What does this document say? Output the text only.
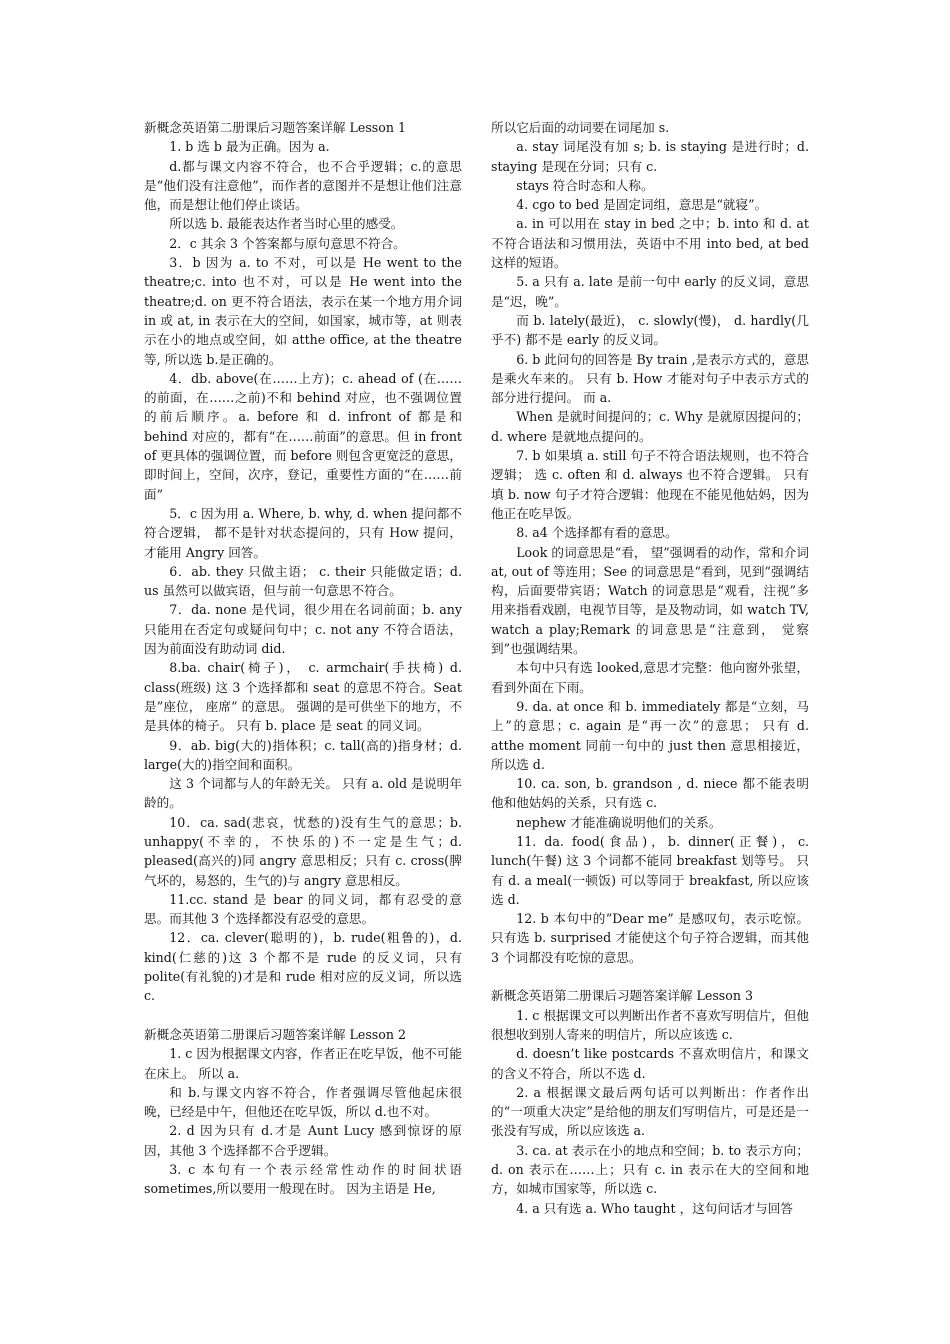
新概念英语第二册课后习题答案详解 Lesson 1

1. b 选 b 最为正确。因为 a.

d.都与课文内容不符合，也不合乎逻辑；c.的意思是“他们没有注意他”，而作者的意图并不是想让他们注意他，而是想让他们停止谈话。

所以选 b. 最能表达作者当时心里的感受。

2．c 其余 3 个答案都与原句意思不符合。

3．b 因为 a. to 不对，可以是 He went to the theatre;c. into 也不对，可以是 He went into the theatre;d. on 更不符合语法，表示在某一个地方用介词 in 或 at, in 表示在大的空间，如国家，城市等，at 则表示在小的地点或空间，如 atthe office, at the theatre 等, 所以选 b.是正确的。

4．db. above(在……上方)；c. ahead of (在……的前面，在……之前)不和 behind 对应，也不强调位置的前后顺序。a. before 和 d. infront of 都是和 behind 对应的，都有“在……前面”的意思。但 in front of 更具体的强调位置，而 before 则包含更宽泛的意思，即时间上，空间，次序，登记，重要性方面的“在……前面”

5．c 因为用 a. Where, b. why, d. when 提问都不符合逻辑， 都不是针对状态提问的，只有 How 提问，才能用 Angry 回答。

6．ab. they 只做主语； c. their 只能做定语；d. us 虽然可以做宾语，但与前一句意思不符合。

7．da. none 是代词，很少用在名词前面；b. any 只能用在否定句或疑问句中；c. not any 不符合语法，因为前面没有助动词 did.

8.ba. chair(椅子)， c. armchair(手扶椅) d. class(班级) 这 3 个选择都和 seat 的意思不符合。Seat 是”座位， 座席” 的意思。 强调的是可供坐下的地方，不是具体的椅子。 只有 b. place 是 seat 的同义词。

9．ab. big(大的)指体积；c. tall(高的)指身材；d. large(大的)指空间和面积。

这 3 个词都与人的年龄无关。 只有 a. old 是说明年龄的。

10．ca. sad(悲哀，忧愁的)没有生气的意思；b. unhappy(不幸的，不快乐的)不一定是生气；d. pleased(高兴的)同 angry 意思相反；只有 c. cross(脾气坏的，易怒的，生气的)与 angry 意思相反。

11.cc. stand 是 bear 的同义词，都有忍受的意思。而其他 3 个选择都没有忍受的意思。

12．ca. clever(聪明的)，b. rude(粗鲁的)，d. kind(仁慈的)这 3 个都不是 rude 的反义词，只有 polite(有礼貌的)才是和 rude 相对应的反义词，所以选 c.

新概念英语第二册课后习题答案详解 Lesson 2

1. c 因为根据课文内容，作者正在吃早饭，他不可能在床上。 所以 a.

和 b.与课文内容不符合，作者强调尽管他起床很晚，已经是中午，但他还在吃早饭，所以 d.也不对。

2. d 因为只有 d.才是 Aunt Lucy 感到惊讶的原因，其他 3 个选择都不合乎逻辑。

3. c 本句有一个表示经常性动作的时间状语 sometimes,所以要用一般现在时。 因为主语是 He,

所以它后面的动词要在词尾加 s.

a. stay 词尾没有加 s; b. is staying 是进行时；d. staying 是现在分词；只有 c.

stays 符合时态和人称。

4. cgo to bed 是固定词组，意思是“就寝”。

a. in 可以用在 stay in bed 之中；b. into 和 d. at 不符合语法和习惯用法，英语中不用 into bed, at bed 这样的短语。

5. a 只有 a. late 是前一句中 early 的反义词，意思是“迟，晚”。

而 b. lately(最近)， c. slowly(慢)， d. hardly(几乎不) 都不是 early 的反义词。

6. b 此问句的回答是 By train ,是表示方式的，意思是乘火车来的。 只有 b. How 才能对句子中表示方式的部分进行提问。 而 a.

When 是就时间提问的；c. Why 是就原因提问的；d. where 是就地点提问的。

7. b 如果填 a. still 句子不符合语法规则，也不符合逻辑； 选 c. often 和 d. always 也不符合逻辑。 只有填 b. now 句子才符合逻辑：他现在不能见他姑妈，因为他正在吃早饭。

8. a4 个选择都有看的意思。

Look 的词意思是“看， 望”强调看的动作，常和介词 at, out of 等连用；See 的词意思是“看到，见到”强调结构，后面要带宾语；Watch 的词意思是“观看，注视”多用来指看戏剧，电视节目等，是及物动词，如 watch TV, watch a play;Remark 的词意思是“注意到， 觉察到”也强调结果。

本句中只有选 looked,意思才完整：他向窗外张望，看到外面在下雨。

9. da. at once 和 b. immediately 都是“立刻，马上”的意思；c. again 是“再一次”的意思； 只有 d. atthe moment 同前一句中的 just then 意思相接近，所以选 d.

10. ca. son, b. grandson , d. niece 都不能表明他和他姑妈的关系，只有选 c.

nephew 才能准确说明他们的关系。

11. da. food(食品)，b. dinner(正餐)，c. lunch(午餐) 这 3 个词都不能同 breakfast 划等号。 只有 d. a meal(一顿饭) 可以等同于 breakfast, 所以应该选 d.

12. b 本句中的”Dear me” 是感叹句，表示吃惊。只有选 b. surprised 才能使这个句子符合逻辑，而其他 3 个词都没有吃惊的意思。

新概念英语第二册课后习题答案详解 Lesson 3

1. c 根据课文可以判断出作者不喜欢写明信片，但他很想收到别人寄来的明信片，所以应该选 c.

d. doesn’t like postcards 不喜欢明信片，和课文的含义不符合，所以不选 d.

2. a 根据课文最后两句话可以判断出：作者作出的“一项重大决定”是给他的朋友们写明信片，可是还是一张没有写成，所以应该选 a.

3. ca. at 表示在小的地点和空间；b. to 表示方向；d. on 表示在……上；只有 c. in 表示在大的空间和地方，如城市国家等，所以选 c.

4. a 只有选 a. Who taught ，这句问话才与回答
